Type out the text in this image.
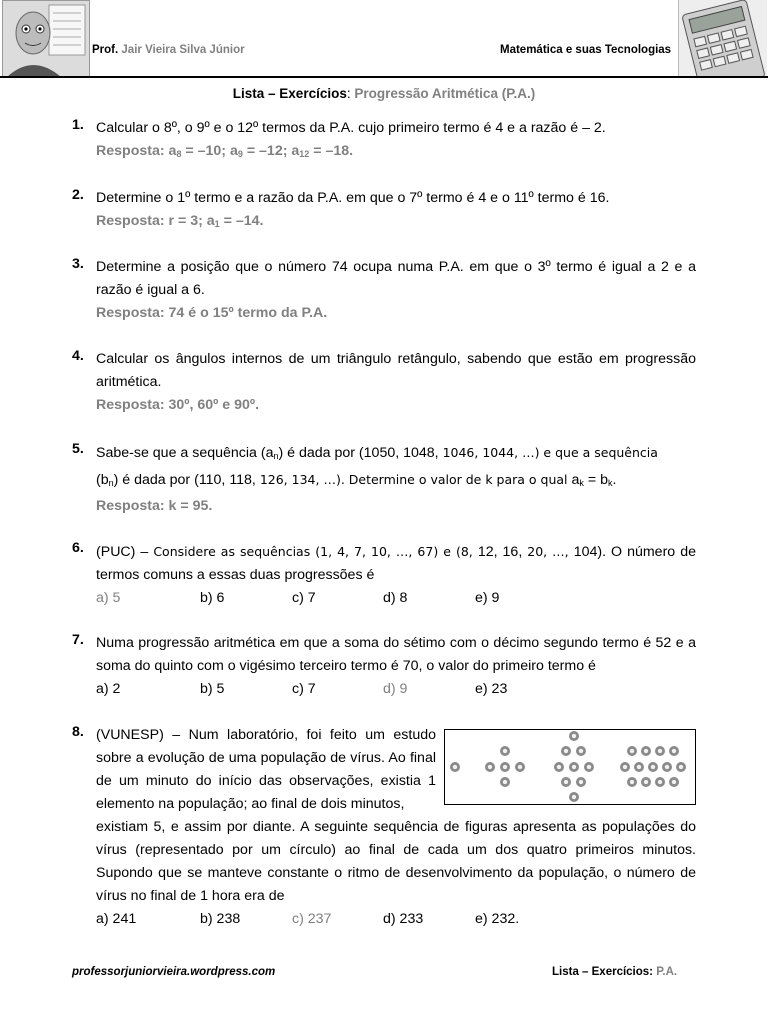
Prof. Jair Vieira Silva Júnior	Matemática e suas Tecnologias
Lista – Exercícios: Progressão Aritmética (P.A.)
1. Calcular o 8º, o 9º e o 12º termos da P.A. cujo primeiro termo é 4 e a razão é – 2.

Resposta: $a_8 = -10$; $a_9 = -12$; $a_{12} = -18$.

2. Determine o 1º termo e a razão da P.A. em que o 7º termo é 4 e o 11º termo é 16.

Resposta: r = 3; $a_1 = -14$.

3. Determine a posição que o número 74 ocupa numa P.A. em que o 3º termo é igual a 2 e a razão é igual a 6.

Resposta: 74 é o 15º termo da P.A.

4. Calcular os ângulos internos de um triângulo retângulo, sabendo que estão em progressão aritmética.

Resposta: 30º, 60º e 90º.

5. Sabe-se que a sequência $(a_n)$ é dada por (1050, 1048, 1046, 1044, …) e que a sequência
$(b_n)$ é dada por (110, 118, 126, 134, …). Determine o valor de k para o qual $a_k = b_k$.

Resposta: k = 95.

6. (PUC) – Considere as sequências (1, 4, 7, 10, …, 67) e (8, 12, 16, 20, …, 104). O número de termos comuns a essas duas progressões é

a) 5	b) 6	c) 7	d) 8	e) 9
7. Numa progressão aritmética em que a soma do sétimo com o décimo segundo termo é 52 e a soma do quinto com o vigésimo terceiro termo é 70, o valor do primeiro termo é

a) 2	b) 5	c) 7	d) 9	e) 23
8. (VUNESP) – Num laboratório, foi feito um estudo sobre a evolução de uma população de vírus. Ao final de um minuto do início das observações, existia 1 elemento na população; ao final de dois minutos,

existiam 5, e assim por diante. A seguinte sequência de figuras apresenta as populações do vírus (representado por um círculo) ao final de cada um dos quatro primeiros minutos. Supondo que se manteve constante o ritmo de desenvolvimento da população, o número de vírus no final de 1 hora era de

a) 241	b) 238	c) 237	d) 233	e) 232.
professorjuniorvieira.wordpress.com	Lista – Exercícios: P.A.
